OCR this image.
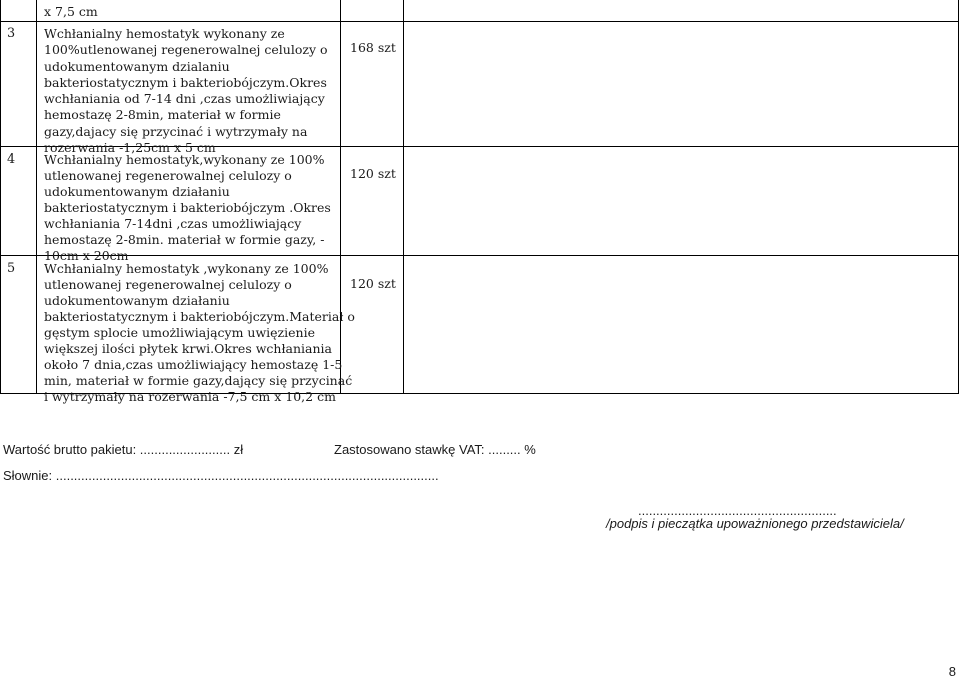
x 7,5 cm
3 Wchłanialny hemostatyk wykonany ze
100%utlenowanej regenerowalnej celulozy o
udokumentowanym dzialaniu
bakteriostatycznym i bakteriobójczym.Okres
wchłaniania od 7-14 dni ,czas umożliwiający
hemostazę 2-8min, materiał w formie
gazy,dajacy się przycinać i wytrzymały na
rozerwania -1,25cm x 5 cm
168 szt
4 Wchłanialny hemostatyk,wykonany ze 100%
utlenowanej regenerowalnej celulozy o
udokumentowanym działaniu
bakteriostatycznym i bakteriobójczym .Okres
wchłaniania 7-14dni ,czas umożliwiający
hemostazę 2-8min. materiał w formie gazy, -
10cm x 20cm
120 szt
5 Wchłanialny hemostatyk ,wykonany ze 100%
utlenowanej regenerowalnej celulozy o
udokumentowanym działaniu
bakteriostatycznym i bakteriobójczym.Materiał o
gęstym splocie umożliwiającym uwięzienie
większej ilości płytek krwi.Okres wchłaniania
około 7 dnia,czas umożliwiający hemostazę 1-5
min, materiał w formie gazy,dający się przycinać
i wytrzymały na rozerwania -7,5 cm x 10,2 cm
120 szt
Wartość brutto pakietu: ......................... zł	Zastosowano stawkę VAT: ......... %
Słownie: ..........................................................................................................
.......................................................
/podpis i pieczątka upoważnionego przedstawiciela/
8
